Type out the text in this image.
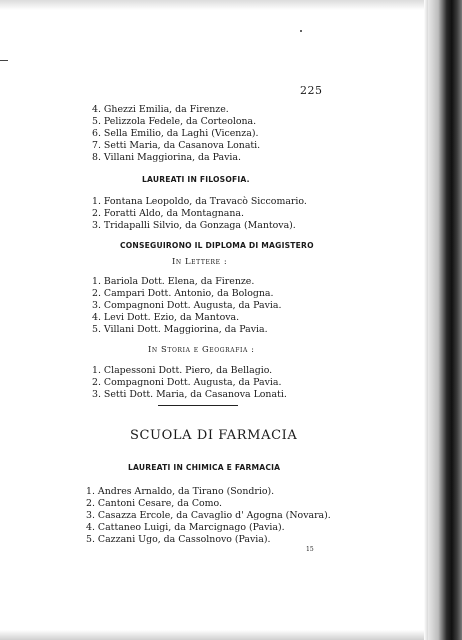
225
4. Ghezzi Emilia, da Firenze.
5. Pelizzola Fedele, da Corteolona.
6. Sella Emilio, da Laghi (Vicenza).
7. Setti Maria, da Casanova Lonati.
8. Villani Maggiorina, da Pavia.
LAUREATI IN FILOSOFIA.
1. Fontana Leopoldo, da Travacò Siccomario.
2. Foratti Aldo, da Montagnana.
3. Tridapalli Silvio, da Gonzaga (Mantova).
CONSEGUIRONO IL DIPLOMA DI MAGISTERO
In Lettere :
1. Bariola Dott. Elena, da Firenze.
2. Campari Dott. Antonio, da Bologna.
3. Compagnoni Dott. Augusta, da Pavia.
4. Levi Dott. Ezio, da Mantova.
5. Villani Dott. Maggiorina, da Pavia.
In Storia e Geografia :
1. Clapessoni Dott. Piero, da Bellagio.
2. Compagnoni Dott. Augusta, da Pavia.
3. Setti Dott. Maria, da Casanova Lonati.
SCUOLA DI FARMACIA
LAUREATI IN CHIMICA E FARMACIA
1. Andres Arnaldo, da Tirano (Sondrio).
2. Cantoni Cesare, da Como.
3. Casazza Ercole, da Cavaglio d' Agogna (Novara).
4. Cattaneo Luigi, da Marcignago (Pavia).
5. Cazzani Ugo, da Cassolnovo (Pavia).
15
